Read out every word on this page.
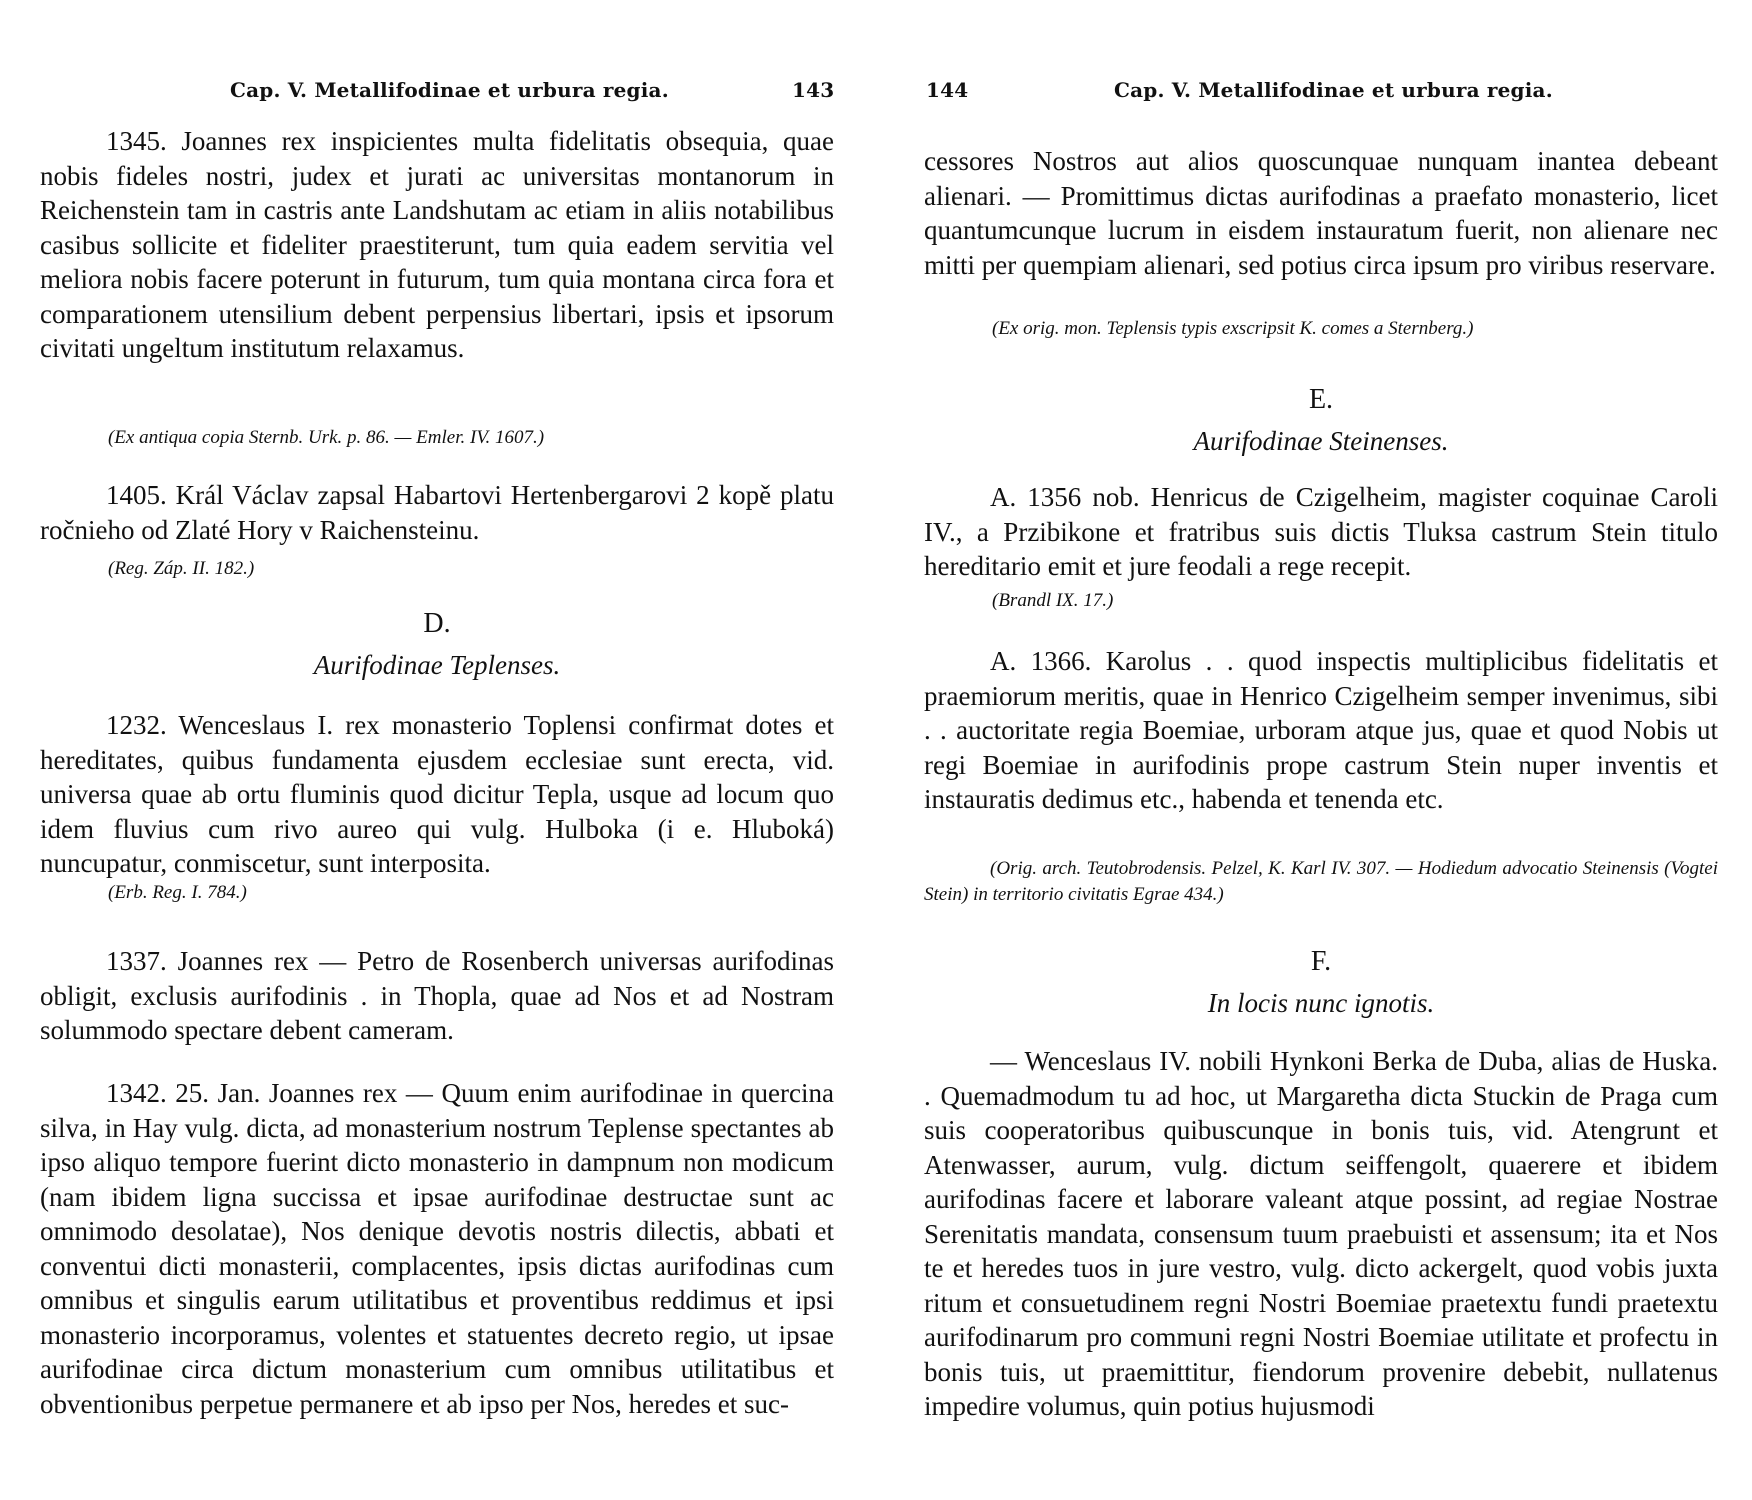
Cap. V. Metallifodinae et urbura regia.	143
1345. Joannes rex inspicientes multa fidelitatis obsequia, quae nobis fideles nostri, judex et jurati ac universitas montanorum in Reichenstein tam in castris ante Landshutam ac etiam in aliis notabilibus casibus sollicite et fideliter praestiterunt, tum quia eadem servitia vel meliora nobis facere poterunt in futurum, tum quia montana circa fora et comparationem utensilium debent perpensius libertari, ipsis et ipsorum civitati ungeltum institutum relaxamus.
(Ex antiqua copia Sternb. Urk. p. 86. — Emler. IV. 1607.)
1405. Král Václav zapsal Habartovi Hertenbergarovi 2 kopě platu ročnieho od Zlaté Hory v Raichensteinu.
(Reg. Záp. II. 182.)
D.
Aurifodinae Teplenses.
1232. Wenceslaus I. rex monasterio Toplensi confirmat dotes et hereditates, quibus fundamenta ejusdem ecclesiae sunt erecta, vid. universa quae ab ortu fluminis quod dicitur Tepla, usque ad locum quo idem fluvius cum rivo aureo qui vulg. Hulboka (i e. Hluboká) nuncupatur, conmiscetur, sunt interposita.
(Erb. Reg. I. 784.)
1337. Joannes rex — Petro de Rosenberch universas aurifodinas obligit, exclusis aurifodinis . in Thopla, quae ad Nos et ad Nostram solummodo spectare debent cameram.
1342. 25. Jan. Joannes rex — Quum enim aurifodinae in quercina silva, in Hay vulg. dicta, ad monasterium nostrum Teplense spectantes ab ipso aliquo tempore fuerint dicto monasterio in dampnum non modicum (nam ibidem ligna succissa et ipsae aurifodinae destructae sunt ac omnimodo desolatae), Nos denique devotis nostris dilectis, abbati et conventui dicti monasterii, complacentes, ipsis dictas aurifodinas cum omnibus et singulis earum utilitatibus et proventibus reddimus et ipsi monasterio incorporamus, volentes et statuentes decreto regio, ut ipsae aurifodinae circa dictum monasterium cum omnibus utilitatibus et obventionibus perpetue permanere et ab ipso per Nos, heredes et suc-
144	Cap. V. Metallifodinae et urbura regia.
cessores Nostros aut alios quoscunquae nunquam inantea debeant alienari. — Promittimus dictas aurifodinas a praefato monasterio, licet quantumcunque lucrum in eisdem instauratum fuerit, non alienare nec mitti per quempiam alienari, sed potius circa ipsum pro viribus reservare.
(Ex orig. mon. Teplensis typis exscripsit K. comes a Sternberg.)
E.
Aurifodinae Steinenses.
A. 1356 nob. Henricus de Czigelheim, magister coquinae Caroli IV., a Przibikone et fratribus suis dictis Tluksa castrum Stein titulo hereditario emit et jure feodali a rege recepit.
(Brandl IX. 17.)
A. 1366. Karolus . . quod inspectis multiplicibus fidelitatis et praemiorum meritis, quae in Henrico Czigelheim semper invenimus, sibi . . auctoritate regia Boemiae, urboram atque jus, quae et quod Nobis ut regi Boemiae in aurifodinis prope castrum Stein nuper inventis et instauratis dedimus etc., habenda et tenenda etc.
(Orig. arch. Teutobrodensis. Pelzel, K. Karl IV. 307. — Hodiedum advocatio Steinensis (Vogtei Stein) in territorio civitatis Egrae 434.)
F.
In locis nunc ignotis.
— Wenceslaus IV. nobili Hynkoni Berka de Duba, alias de Huska. . Quemadmodum tu ad hoc, ut Margaretha dicta Stuckin de Praga cum suis cooperatoribus quibuscunque in bonis tuis, vid. Atengrunt et Atenwasser, aurum, vulg. dictum seiffengolt, quaerere et ibidem aurifodinas facere et laborare valeant atque possint, ad regiae Nostrae Serenitatis mandata, consensum tuum praebuisti et assensum; ita et Nos te et heredes tuos in jure vestro, vulg. dicto ackergelt, quod vobis juxta ritum et consuetudinem regni Nostri Boemiae praetextu fundi praetextu aurifodinarum pro communi regni Nostri Boemiae utilitate et profectu in bonis tuis, ut praemittitur, fiendorum provenire debebit, nullatenus impedire volumus, quin potius hujusmodi
